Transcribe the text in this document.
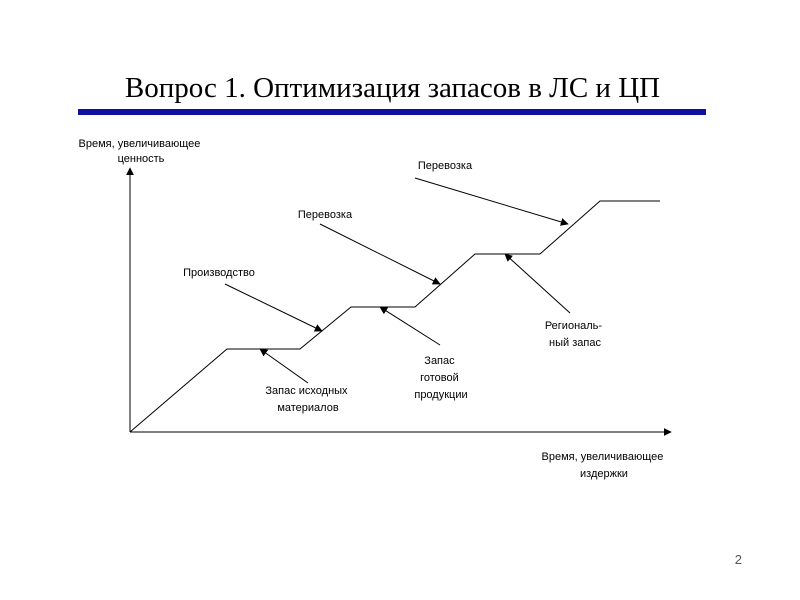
Вопрос 1. Оптимизация запасов в ЛС и ЦП
Время, увеличивающее ценность
Время, увеличивающее издержки
Перевозка
Перевозка
Производство
Региональ- ный запас
Запас готовой продукции
Запас исходных материалов
2
